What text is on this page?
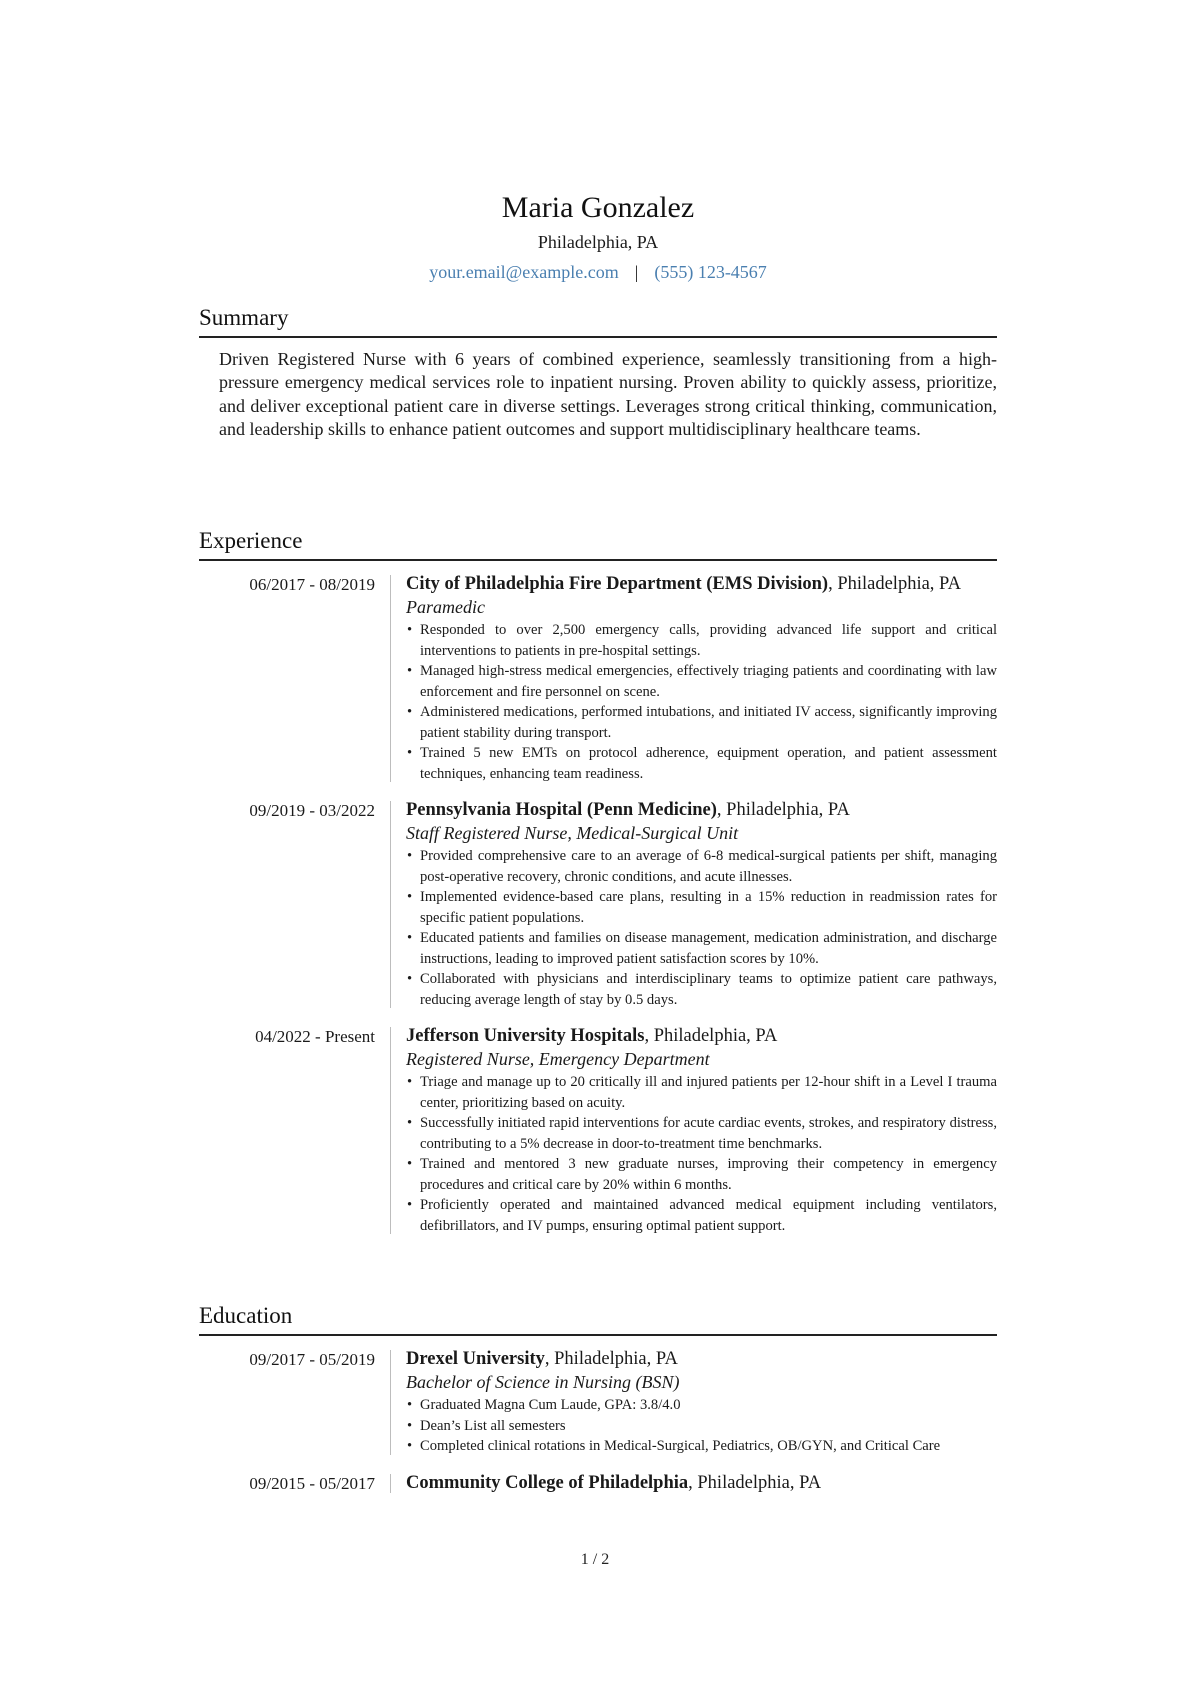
Maria Gonzalez
Philadelphia, PA
your.email@example.com | (555) 123-4567
Summary
Driven Registered Nurse with 6 years of combined experience, seamlessly transitioning from a high-pressure emergency medical services role to inpatient nursing. Proven ability to quickly assess, prioritize, and deliver exceptional patient care in diverse settings. Leverages strong critical thinking, communication, and leadership skills to enhance patient outcomes and support multidisciplinary healthcare teams.
Experience
06/2017 - 08/2019 City of Philadelphia Fire Department (EMS Division), Philadelphia, PA
Paramedic
• Responded to over 2,500 emergency calls, providing advanced life support and critical interventions to patients in pre-hospital settings.
• Managed high-stress medical emergencies, effectively triaging patients and coordinating with law enforcement and fire personnel on scene.
• Administered medications, performed intubations, and initiated IV access, significantly improving patient stability during transport.
• Trained 5 new EMTs on protocol adherence, equipment operation, and patient assessment techniques, enhancing team readiness.
09/2019 - 03/2022 Pennsylvania Hospital (Penn Medicine), Philadelphia, PA
Staff Registered Nurse, Medical-Surgical Unit
• Provided comprehensive care to an average of 6-8 medical-surgical patients per shift, managing post-operative recovery, chronic conditions, and acute illnesses.
• Implemented evidence-based care plans, resulting in a 15% reduction in readmission rates for specific patient populations.
• Educated patients and families on disease management, medication administration, and discharge instructions, leading to improved patient satisfaction scores by 10%.
• Collaborated with physicians and interdisciplinary teams to optimize patient care pathways, reducing average length of stay by 0.5 days.
04/2022 - Present Jefferson University Hospitals, Philadelphia, PA
Registered Nurse, Emergency Department
• Triage and manage up to 20 critically ill and injured patients per 12-hour shift in a Level I trauma center, prioritizing based on acuity.
• Successfully initiated rapid interventions for acute cardiac events, strokes, and respiratory distress, contributing to a 5% decrease in door-to-treatment time benchmarks.
• Trained and mentored 3 new graduate nurses, improving their competency in emergency procedures and critical care by 20% within 6 months.
• Proficiently operated and maintained advanced medical equipment including ventilators, defibrillators, and IV pumps, ensuring optimal patient support.
Education
09/2017 - 05/2019 Drexel University, Philadelphia, PA
Bachelor of Science in Nursing (BSN)
• Graduated Magna Cum Laude, GPA: 3.8/4.0
• Dean’s List all semesters
• Completed clinical rotations in Medical-Surgical, Pediatrics, OB/GYN, and Critical Care
09/2015 - 05/2017 Community College of Philadelphia, Philadelphia, PA
1 / 2
